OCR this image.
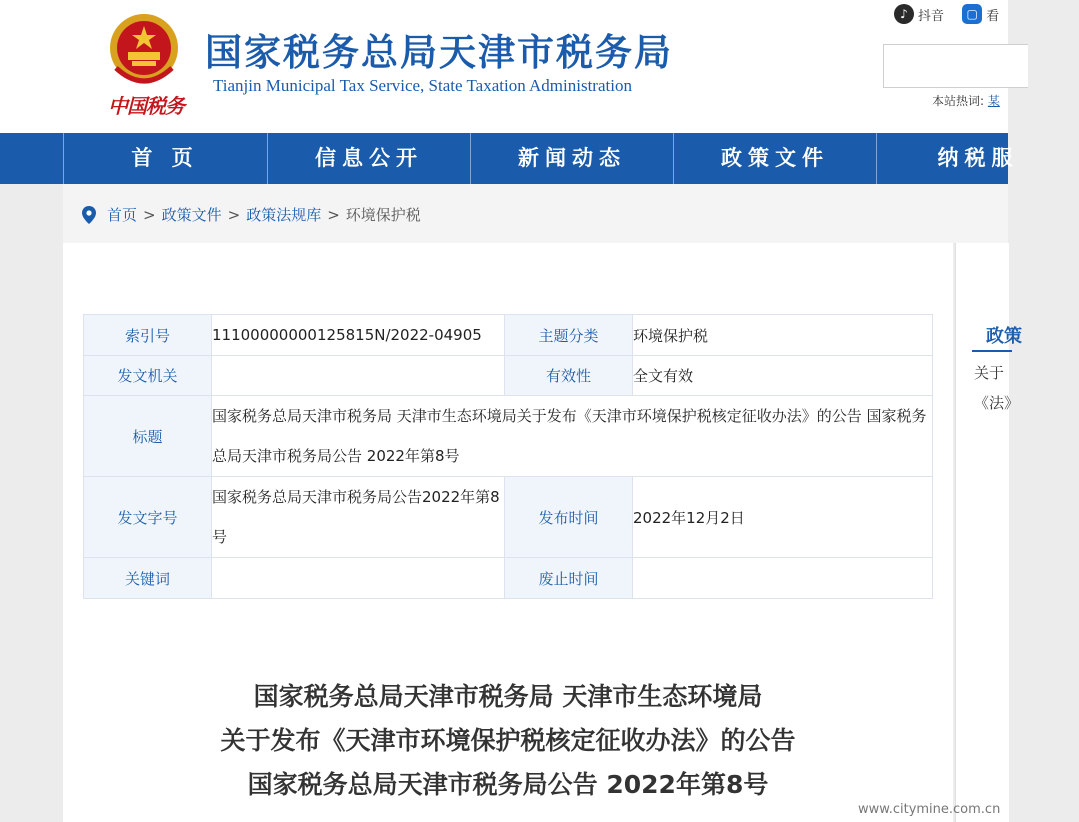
中国税务
国家税务总局天津市税务局
Tianjin Municipal Tax Service, State Taxation Administration
♪ 抖音
	▢ 看
本站热词: 某
首 页	信息公开	新闻动态	政策文件	纳税服
首页 > 政策文件 > 政策法规库 > 环境保护税
索引号	11100000000125815N/2022-04905	主题分类	环境保护税
发文机关		有效性	全文有效
标题	国家税务总局天津市税务局 天津市生态环境局关于发布《天津市环境保护税核定征收办法》的公告 国家税务总局天津市税务局公告 2022年第8号		
发文字号	国家税务总局天津市税务局公告2022年第8号	发布时间	2022年12月2日
关键词		废止时间	
国家税务总局天津市税务局 天津市生态环境局
关于发布《天津市环境保护税核定征收办法》的公告
国家税务总局天津市税务局公告 2022年第8号
政策
关于《法》
www.citymine.com.cn
